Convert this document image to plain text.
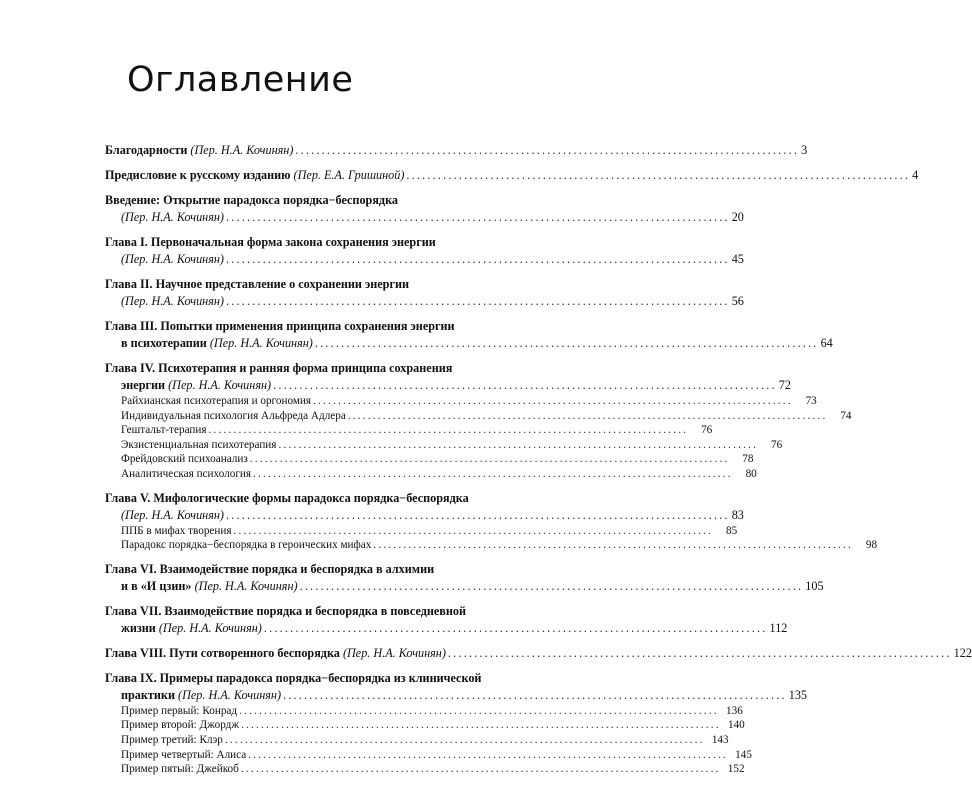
Оглавление
Благодарности (Пер. Н.А. Кочинян) ................................................................................................ 3
Предисловие к русскому изданию (Пер. Е.А. Гришиной) ................................................................................................ 4
Введение: Открытие парадокса порядка−беспорядка
(Пер. Н.А. Кочинян) ................................................................................................ 20
Глава I. Первоначальная форма закона сохранения энергии
(Пер. Н.А. Кочинян) ................................................................................................ 45
Глава II. Научное представление о сохранении энергии
(Пер. Н.А. Кочинян) ................................................................................................ 56
Глава III. Попытки применения принципа сохранения энергии
в психотерапии (Пер. Н.А. Кочинян) ................................................................................................ 64
Глава IV. Психотерапия и ранняя форма принципа сохранения
энергии (Пер. Н.А. Кочинян) ................................................................................................ 72
Райхианская психотерапия и оргономия ................................................................................................	73
Индивидуальная психология Альфреда Адлера ................................................................................................	74
Гештальт-терапия ................................................................................................	76
Экзистенциальная психотерапия ................................................................................................	76
Фрейдовский психоанализ ................................................................................................	78
Аналитическая психология ................................................................................................	80
Глава V. Мифологические формы парадокса порядка−беспорядка
(Пер. Н.А. Кочинян) ................................................................................................ 83
ППБ в мифах творения ................................................................................................	85
Парадокс порядка−беспорядка в героических мифах ................................................................................................	98
Глава VI. Взаимодействие порядка и беспорядка в алхимии
и в «И цзин» (Пер. Н.А. Кочинян) ................................................................................................ 105
Глава VII. Взаимодействие порядка и беспорядка в повседневной
жизни (Пер. Н.А. Кочинян) ................................................................................................ 112
Глава VIII. Пути сотворенного беспорядка (Пер. Н.А. Кочинян) ................................................................................................ 122
Глава IX. Примеры парадокса порядка−беспорядка из клинической
практики (Пер. Н.А. Кочинян) ................................................................................................ 135
Пример первый: Конрад ................................................................................................ 136
Пример второй: Джордж ................................................................................................ 140
Пример третий: Клэр ................................................................................................ 143
Пример четвертый: Алиса ................................................................................................ 145
Пример пятый: Джейкоб ................................................................................................ 152
